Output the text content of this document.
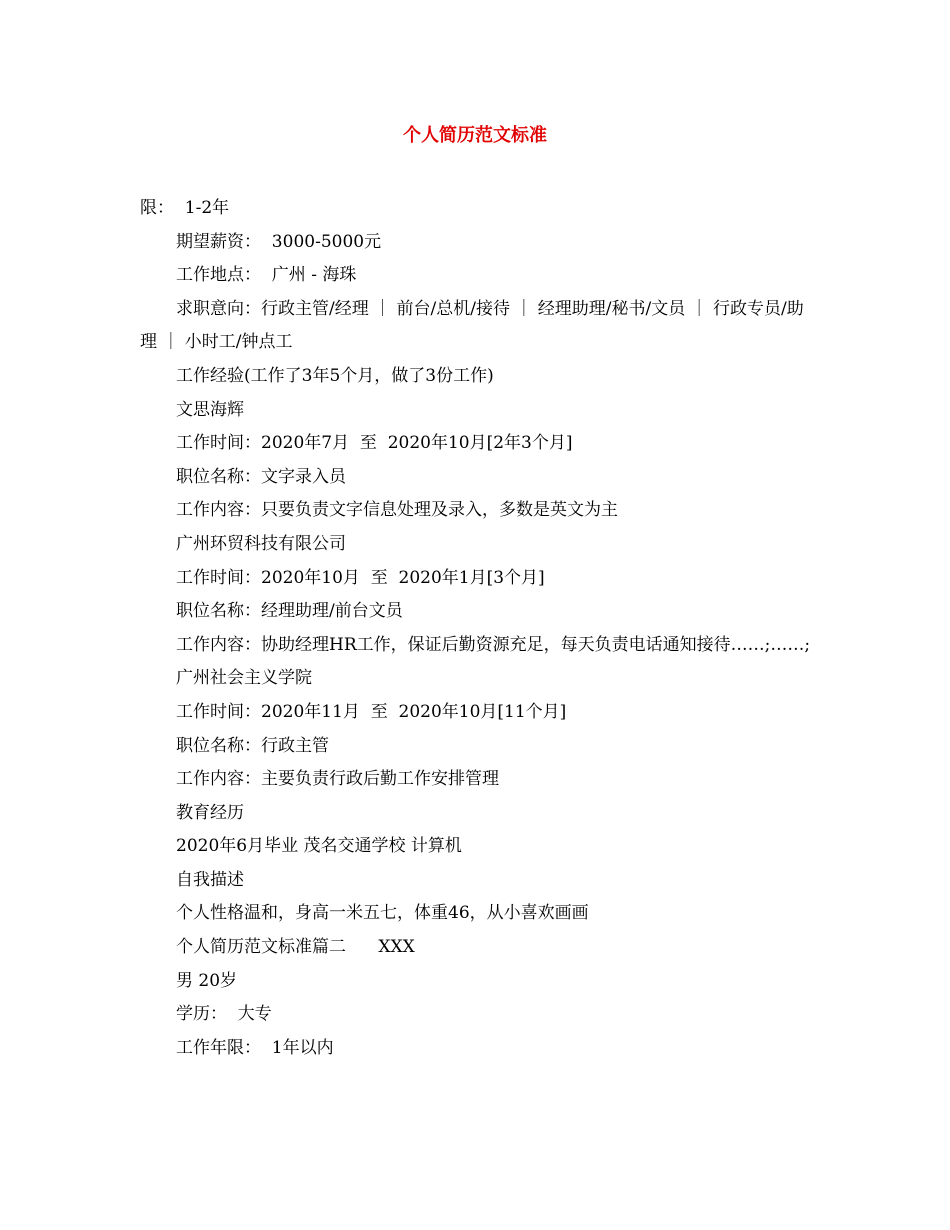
个人简历范文标准

限：  1-2年

期望薪资：  3000-5000元

工作地点：  广州 - 海珠

求职意向：行政主管/经理 ｜ 前台/总机/接待 ｜ 经理助理/秘书/文员 ｜ 行政专员/助理 ｜ 小时工/钟点工

工作经验(工作了3年5个月，做了3份工作)

文思海辉

工作时间：2020年7月  至  2020年10月[2年3个月]

职位名称：文字录入员

工作内容：只要负责文字信息处理及录入，多数是英文为主

广州环贸科技有限公司

工作时间：2020年10月  至  2020年1月[3个月]

职位名称：经理助理/前台文员

工作内容：协助经理HR工作，保证后勤资源充足，每天负责电话通知接待……;……;

广州社会主义学院

工作时间：2020年11月  至  2020年10月[11个月]

职位名称：行政主管

工作内容：主要负责行政后勤工作安排管理

教育经历

2020年6月毕业 茂名交通学校 计算机

自我描述

个人性格温和，身高一米五七，体重46，从小喜欢画画

个人简历范文标准篇二      XXX

男 20岁

学历：  大专

工作年限：  1年以内
